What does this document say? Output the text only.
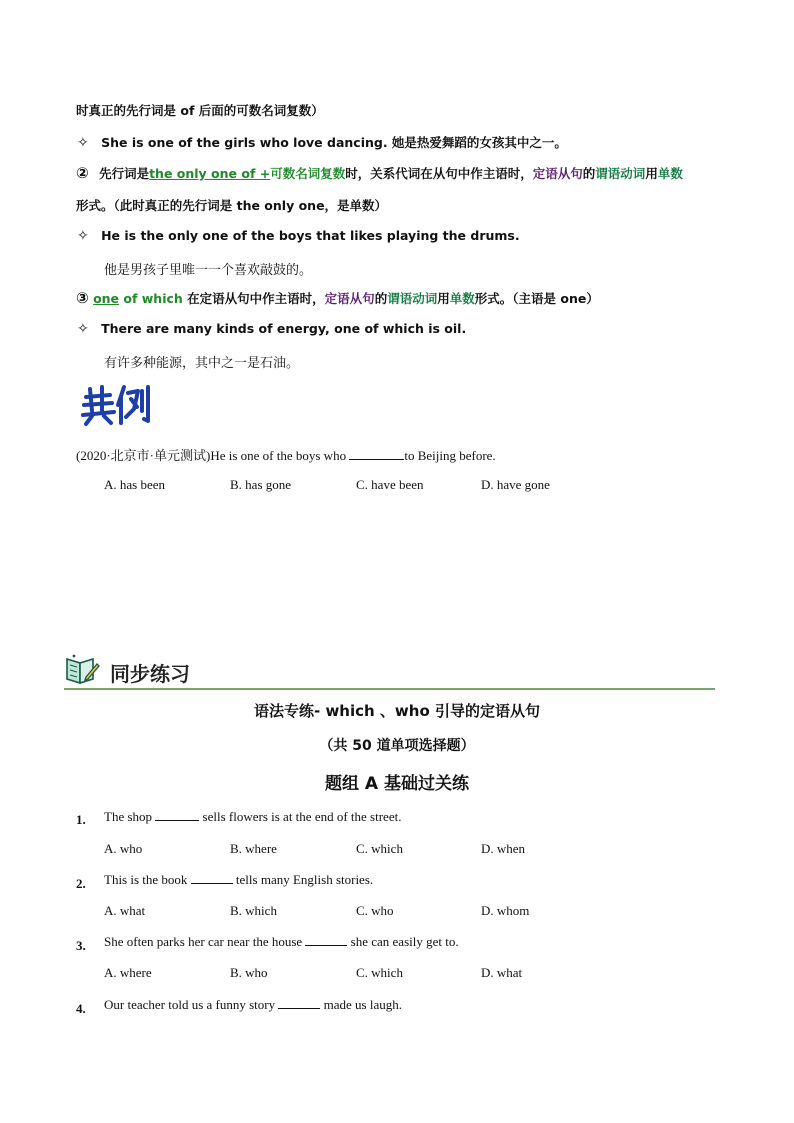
时真正的先行词是 of 后面的可数名词复数）
✧ She is one of the girls who love dancing. 她是热爱舞蹈的女孩其中之一。
② 先行词是the only one of +可数名词复数时，关系代词在从句中作主语时，定语从句的谓语动词用单数
形式。（此时真正的先行词是 the only one，是单数）
✧ He is the only one of the boys that likes playing the drums.
他是男孩子里唯一一个喜欢敲鼓的。
③ one of which 在定语从句中作主语时，定语从句的谓语动词用单数形式。（主语是 one）
✧ There are many kinds of energy, one of which is oil.
有许多种能源，其中之一是石油。
(2020·北京市·单元测试)He is one of the boys who	to Beijing before.
A. has been	B. has gone	C. have been	D. have gone
同步练习
语法专练- which 、who 引导的定语从句
（共 50 道单项选择题）
题组 A 基础过关练
1. The shop	sells flowers is at the end of the street.
A. who	B. where	C. which	D. when
2. This is the book	tells many English stories.
A. what	B. which	C. who	D. whom
3. She often parks her car near the house	she can easily get to.
A. where	B. who	C. which	D. what
4. Our teacher told us a funny story	made us laugh.
